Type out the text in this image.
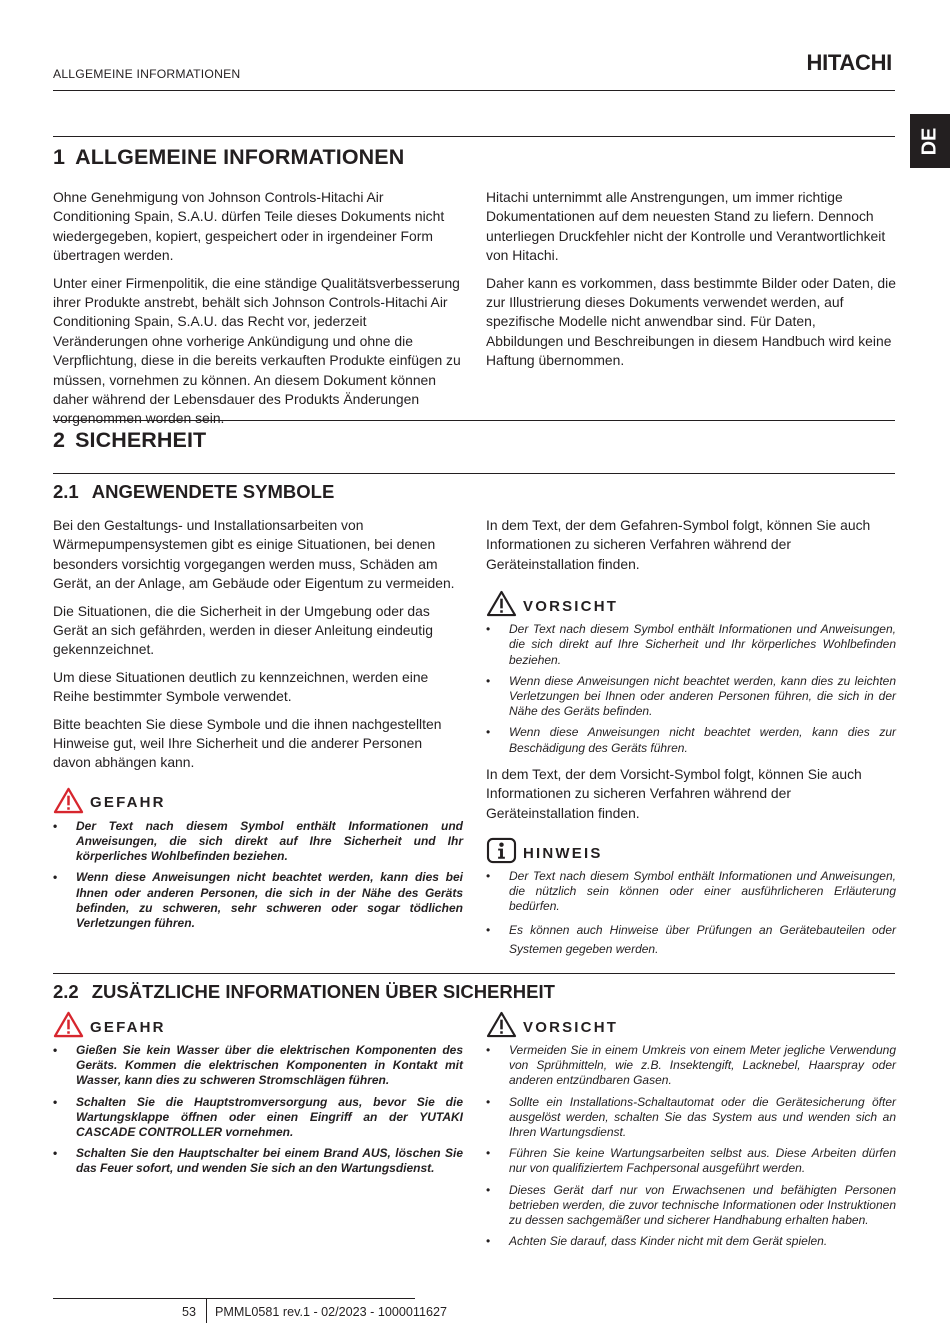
ALLGEMEINE INFORMATIONEN	HITACHI
DE
1 ALLGEMEINE INFORMATIONEN

Ohne Genehmigung von Johnson Controls-Hitachi Air Conditioning Spain, S.A.U. dürfen Teile dieses Dokuments nicht wiedergegeben, kopiert, gespeichert oder in irgendeiner Form übertragen werden.

Unter einer Firmenpolitik, die eine ständige Qualitätsverbesserung ihrer Produkte anstrebt, behält sich Johnson Controls-Hitachi Air Conditioning Spain, S.A.U. das Recht vor, jederzeit Veränderungen ohne vorherige Ankündigung und ohne die Verpflichtung, diese in die bereits verkauften Produkte einfügen zu müssen, vornehmen zu können. An diesem Dokument können daher während der Lebensdauer des Produkts Änderungen vorgenommen worden sein.

Hitachi unternimmt alle Anstrengungen, um immer richtige Dokumentationen auf dem neuesten Stand zu liefern. Dennoch unterliegen Druckfehler nicht der Kontrolle und Verantwortlichkeit von Hitachi.

Daher kann es vorkommen, dass bestimmte Bilder oder Daten, die zur Illustrierung dieses Dokuments verwendet werden, auf spezifische Modelle nicht anwendbar sind. Für Daten, Abbildungen und Beschreibungen in diesem Handbuch wird keine Haftung übernommen.

2 SICHERHEIT
2.1 ANGEWENDETE SYMBOLE

Bei den Gestaltungs- und Installationsarbeiten von Wärmepumpensystemen gibt es einige Situationen, bei denen besonders vorsichtig vorgegangen werden muss, Schäden am Gerät, an der Anlage, am Gebäude oder Eigentum zu vermeiden.

Die Situationen, die die Sicherheit in der Umgebung oder das Gerät an sich gefährden, werden in dieser Anleitung eindeutig gekennzeichnet.

Um diese Situationen deutlich zu kennzeichnen, werden eine Reihe bestimmter Symbole verwendet.

Bitte beachten Sie diese Symbole und die ihnen nachgestellten Hinweise gut, weil Ihre Sicherheit und die anderer Personen davon abhängen kann.

GEFAHR
• Der Text nach diesem Symbol enthält Informationen und Anweisungen, die sich direkt auf Ihre Sicherheit und Ihr körperliches Wohlbefinden beziehen.
• Wenn diese Anweisungen nicht beachtet werden, kann dies bei Ihnen oder anderen Personen, die sich in der Nähe des Geräts befinden, zu schweren, sehr schweren oder sogar tödlichen Verletzungen führen.

In dem Text, der dem Gefahren-Symbol folgt, können Sie auch Informationen zu sicheren Verfahren während der Geräteinstallation finden.

VORSICHT
• Der Text nach diesem Symbol enthält Informationen und Anweisungen, die sich direkt auf Ihre Sicherheit und Ihr körperliches Wohlbefinden beziehen.
• Wenn diese Anweisungen nicht beachtet werden, kann dies zu leichten Verletzungen bei Ihnen oder anderen Personen führen, die sich in der Nähe des Geräts befinden.
• Wenn diese Anweisungen nicht beachtet werden, kann dies zur Beschädigung des Geräts führen.

In dem Text, der dem Vorsicht-Symbol folgt, können Sie auch Informationen zu sicheren Verfahren während der Geräteinstallation finden.

HINWEIS
• Der Text nach diesem Symbol enthält Informationen und Anweisungen, die nützlich sein können oder einer ausführlicheren Erläuterung bedürfen.
• Es können auch Hinweise über Prüfungen an Gerätebauteilen oder Systemen gegeben werden.
2.2 ZUSÄTZLICHE INFORMATIONEN ÜBER SICHERHEIT
GEFAHR
• Gießen Sie kein Wasser über die elektrischen Komponenten des Geräts. Kommen die elektrischen Komponenten in Kontakt mit Wasser, kann dies zu schweren Stromschlägen führen.
• Schalten Sie die Hauptstromversorgung aus, bevor Sie die Wartungsklappe öffnen oder einen Eingriff an der YUTAKI CASCADE CONTROLLER vornehmen.
• Schalten Sie den Hauptschalter bei einem Brand AUS, löschen Sie das Feuer sofort, und wenden Sie sich an den Wartungsdienst.
VORSICHT
• Vermeiden Sie in einem Umkreis von einem Meter jegliche Verwendung von Sprühmitteln, wie z.B. Insektengift, Lacknebel, Haarspray oder anderen entzündbaren Gasen.
• Sollte ein Installations-Schaltautomat oder die Gerätesicherung öfter ausgelöst werden, schalten Sie das System aus und wenden sich an Ihren Wartungsdienst.
• Führen Sie keine Wartungsarbeiten selbst aus. Diese Arbeiten dürfen nur von qualifiziertem Fachpersonal ausgeführt werden.
• Dieses Gerät darf nur von Erwachsenen und befähigten Personen betrieben werden, die zuvor technische Informationen oder Instruktionen zu dessen sachgemäßer und sicherer Handhabung erhalten haben.
• Achten Sie darauf, dass Kinder nicht mit dem Gerät spielen.
53 PMML0581 rev.1 - 02/2023 - 1000011627
